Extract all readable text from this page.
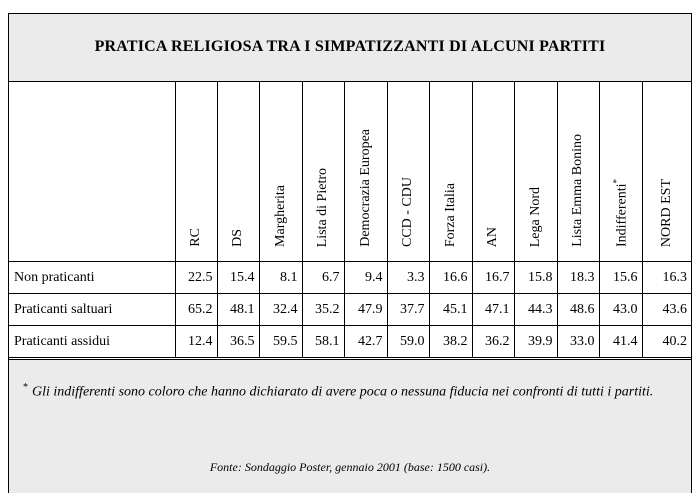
PRATICA RELIGIOSA TRA I SIMPATIZZANTI DI ALCUNI PARTITI

	RC	DS	Margherita	Lista di Pietro	Democrazia Europea	CCD - CDU	Forza Italia	AN	Lega Nord	Lista Emma Bonino	Indifferenti*	NORD EST

Non praticanti	22.5	15.4	8.1	6.7	9.4	3.3	16.6	16.7	15.8	18.3	15.6	16.3
Praticanti saltuari	65.2	48.1	32.4	35.2	47.9	37.7	45.1	47.1	44.3	48.6	43.0	43.6
Praticanti assidui	12.4	36.5	59.5	58.1	42.7	59.0	38.2	36.2	39.9	33.0	41.4	40.2
* Gli indifferenti sono coloro che hanno dichiarato di avere poca o nessuna fiducia nei confronti di tutti i partiti.
Fonte: Sondaggio Poster, gennaio 2001 (base: 1500 casi).
